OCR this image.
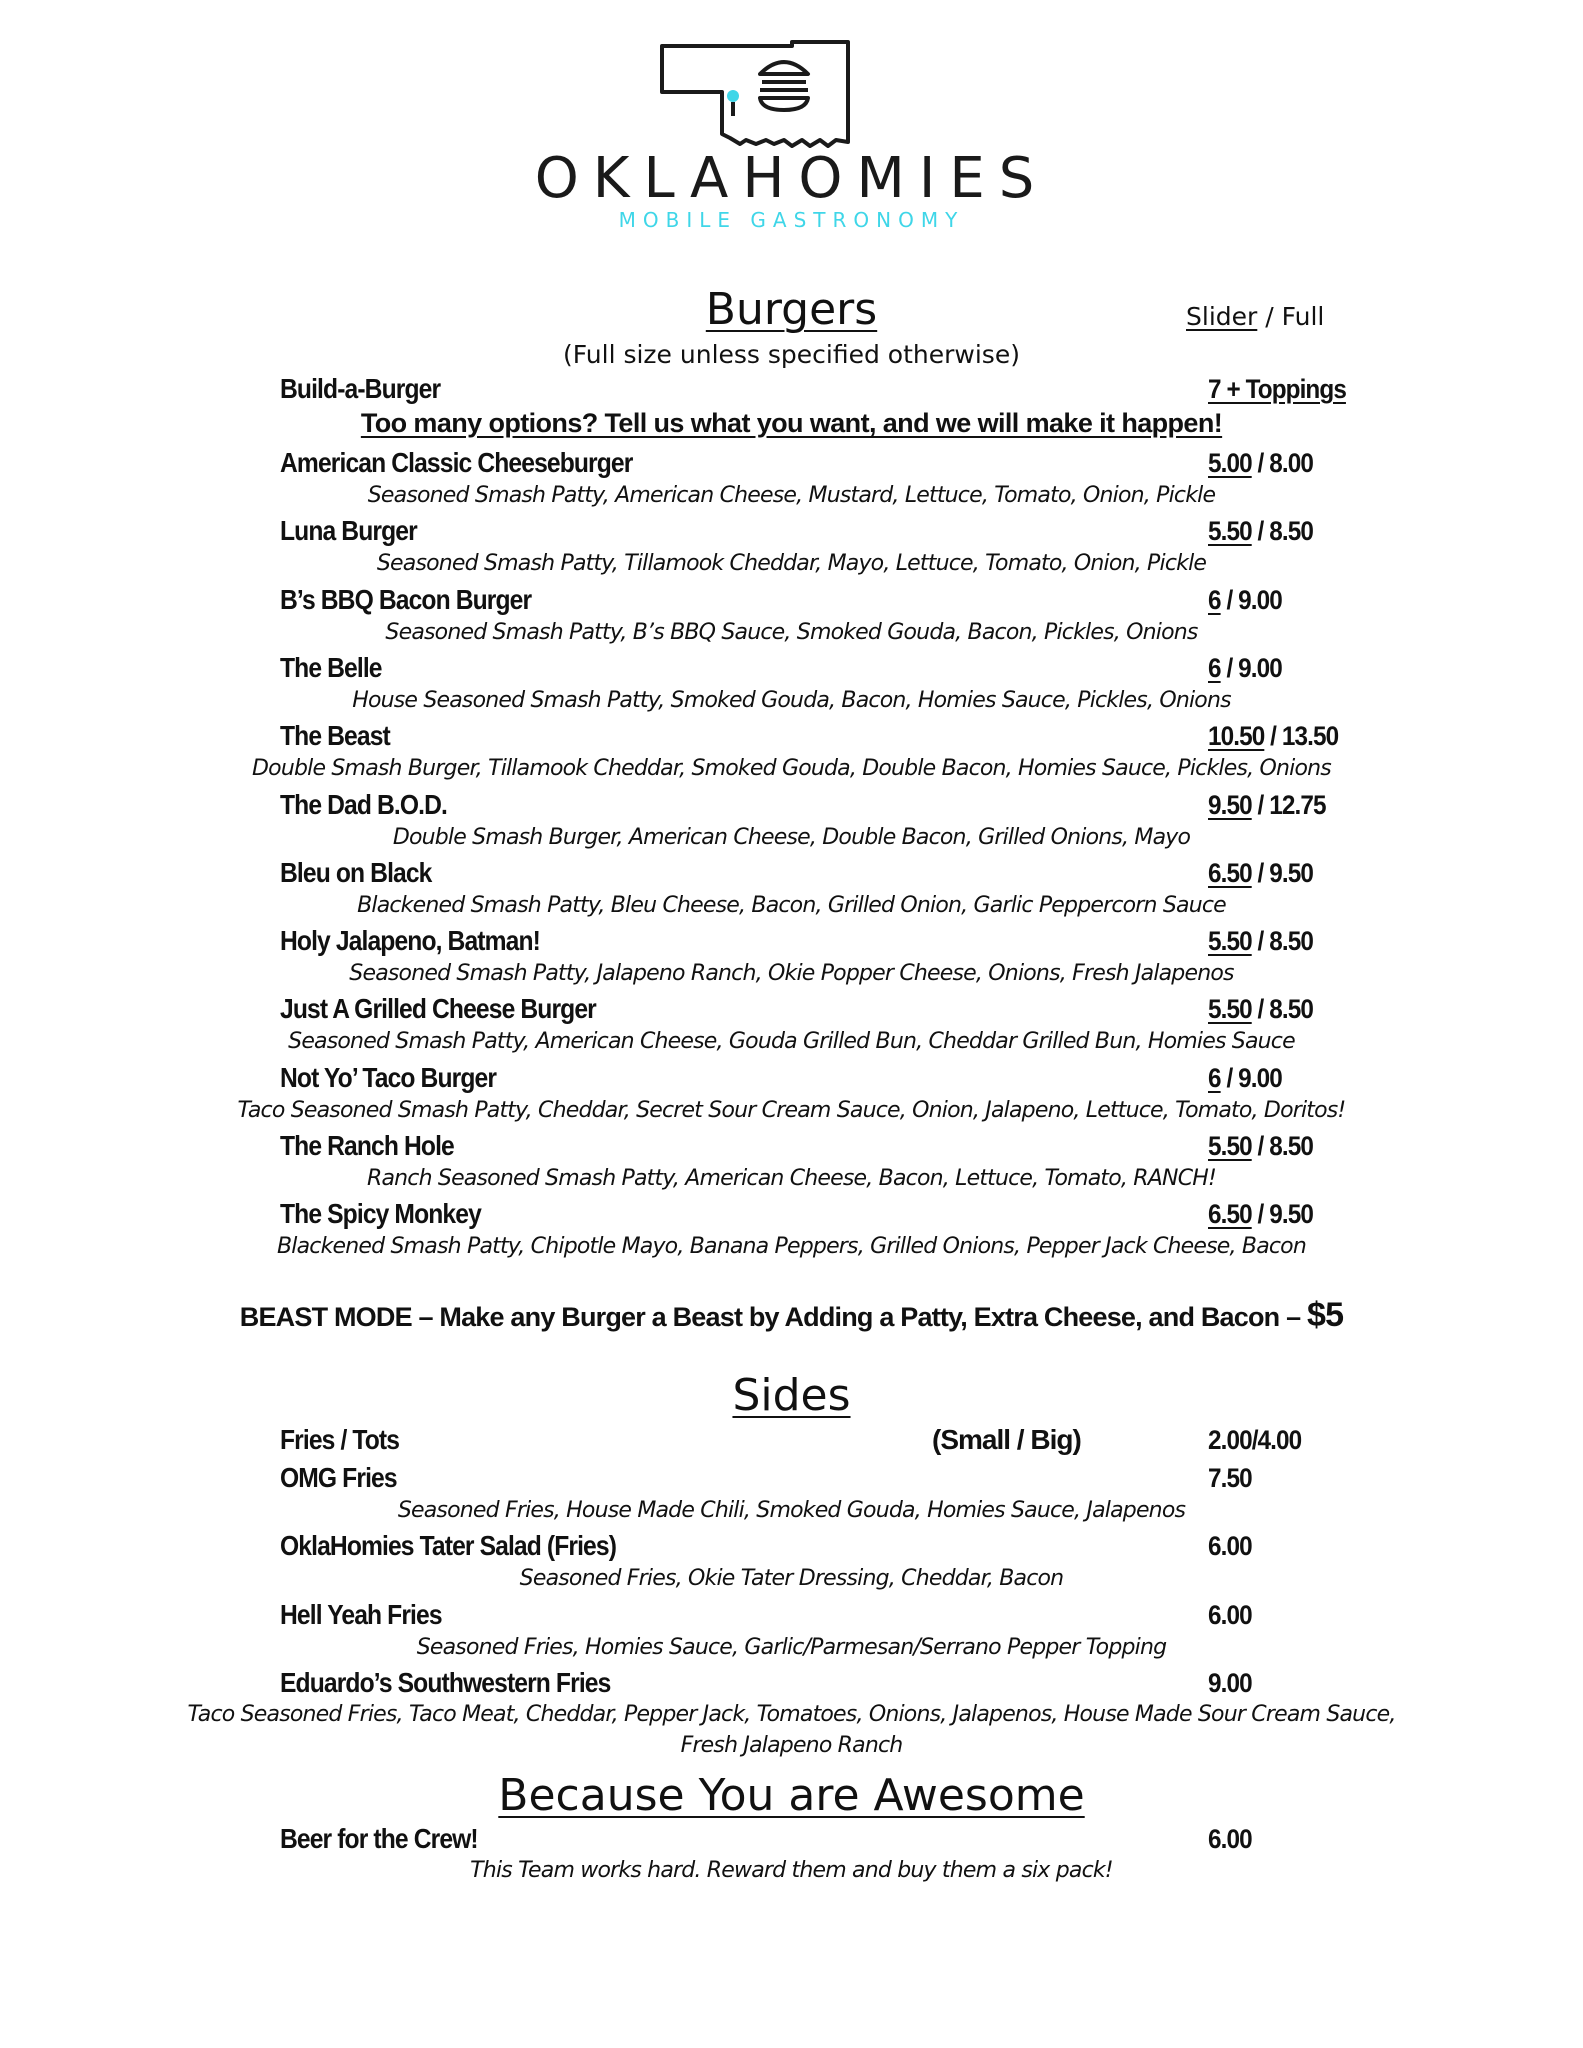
OKLAHOMIES
MOBILE GASTRONOMY
Burgers	Slider / Full
(Full size unless specified otherwise)
Build-a-Burger	7 + Toppings
Too many options? Tell us what you want, and we will make it happen!
American Classic Cheeseburger	5.00 / 8.00
Seasoned Smash Patty, American Cheese, Mustard, Lettuce, Tomato, Onion, Pickle
Luna Burger	5.50 / 8.50
Seasoned Smash Patty, Tillamook Cheddar, Mayo, Lettuce, Tomato, Onion, Pickle
B’s BBQ Bacon Burger	6 / 9.00
Seasoned Smash Patty, B’s BBQ Sauce, Smoked Gouda, Bacon, Pickles, Onions
The Belle	6 / 9.00
House Seasoned Smash Patty, Smoked Gouda, Bacon, Homies Sauce, Pickles, Onions
The Beast	10.50 / 13.50
Double Smash Burger, Tillamook Cheddar, Smoked Gouda, Double Bacon, Homies Sauce, Pickles, Onions
The Dad B.O.D.	9.50 / 12.75
Double Smash Burger, American Cheese, Double Bacon, Grilled Onions, Mayo
Bleu on Black	6.50 / 9.50
Blackened Smash Patty, Bleu Cheese, Bacon, Grilled Onion, Garlic Peppercorn Sauce
Holy Jalapeno, Batman!	5.50 / 8.50
Seasoned Smash Patty, Jalapeno Ranch, Okie Popper Cheese, Onions, Fresh Jalapenos
Just A Grilled Cheese Burger	5.50 / 8.50
Seasoned Smash Patty, American Cheese, Gouda Grilled Bun, Cheddar Grilled Bun, Homies Sauce
Not Yo’ Taco Burger	6 / 9.00
Taco Seasoned Smash Patty, Cheddar, Secret Sour Cream Sauce, Onion, Jalapeno, Lettuce, Tomato, Doritos!
The Ranch Hole	5.50 / 8.50
Ranch Seasoned Smash Patty, American Cheese, Bacon, Lettuce, Tomato, RANCH!
The Spicy Monkey	6.50 / 9.50
Blackened Smash Patty, Chipotle Mayo, Banana Peppers, Grilled Onions, Pepper Jack Cheese, Bacon
BEAST MODE – Make any Burger a Beast by Adding a Patty, Extra Cheese, and Bacon – $5
Sides
Fries / Tots	(Small / Big)	2.00/4.00
OMG Fries	7.50
Seasoned Fries, House Made Chili, Smoked Gouda, Homies Sauce, Jalapenos
OklaHomies Tater Salad (Fries)	6.00
Seasoned Fries, Okie Tater Dressing, Cheddar, Bacon
Hell Yeah Fries	6.00
Seasoned Fries, Homies Sauce, Garlic/Parmesan/Serrano Pepper Topping
Eduardo’s Southwestern Fries	9.00
Taco Seasoned Fries, Taco Meat, Cheddar, Pepper Jack, Tomatoes, Onions, Jalapenos, House Made Sour Cream Sauce, Fresh Jalapeno Ranch
Because You are Awesome
Beer for the Crew!	6.00
This Team works hard. Reward them and buy them a six pack!
